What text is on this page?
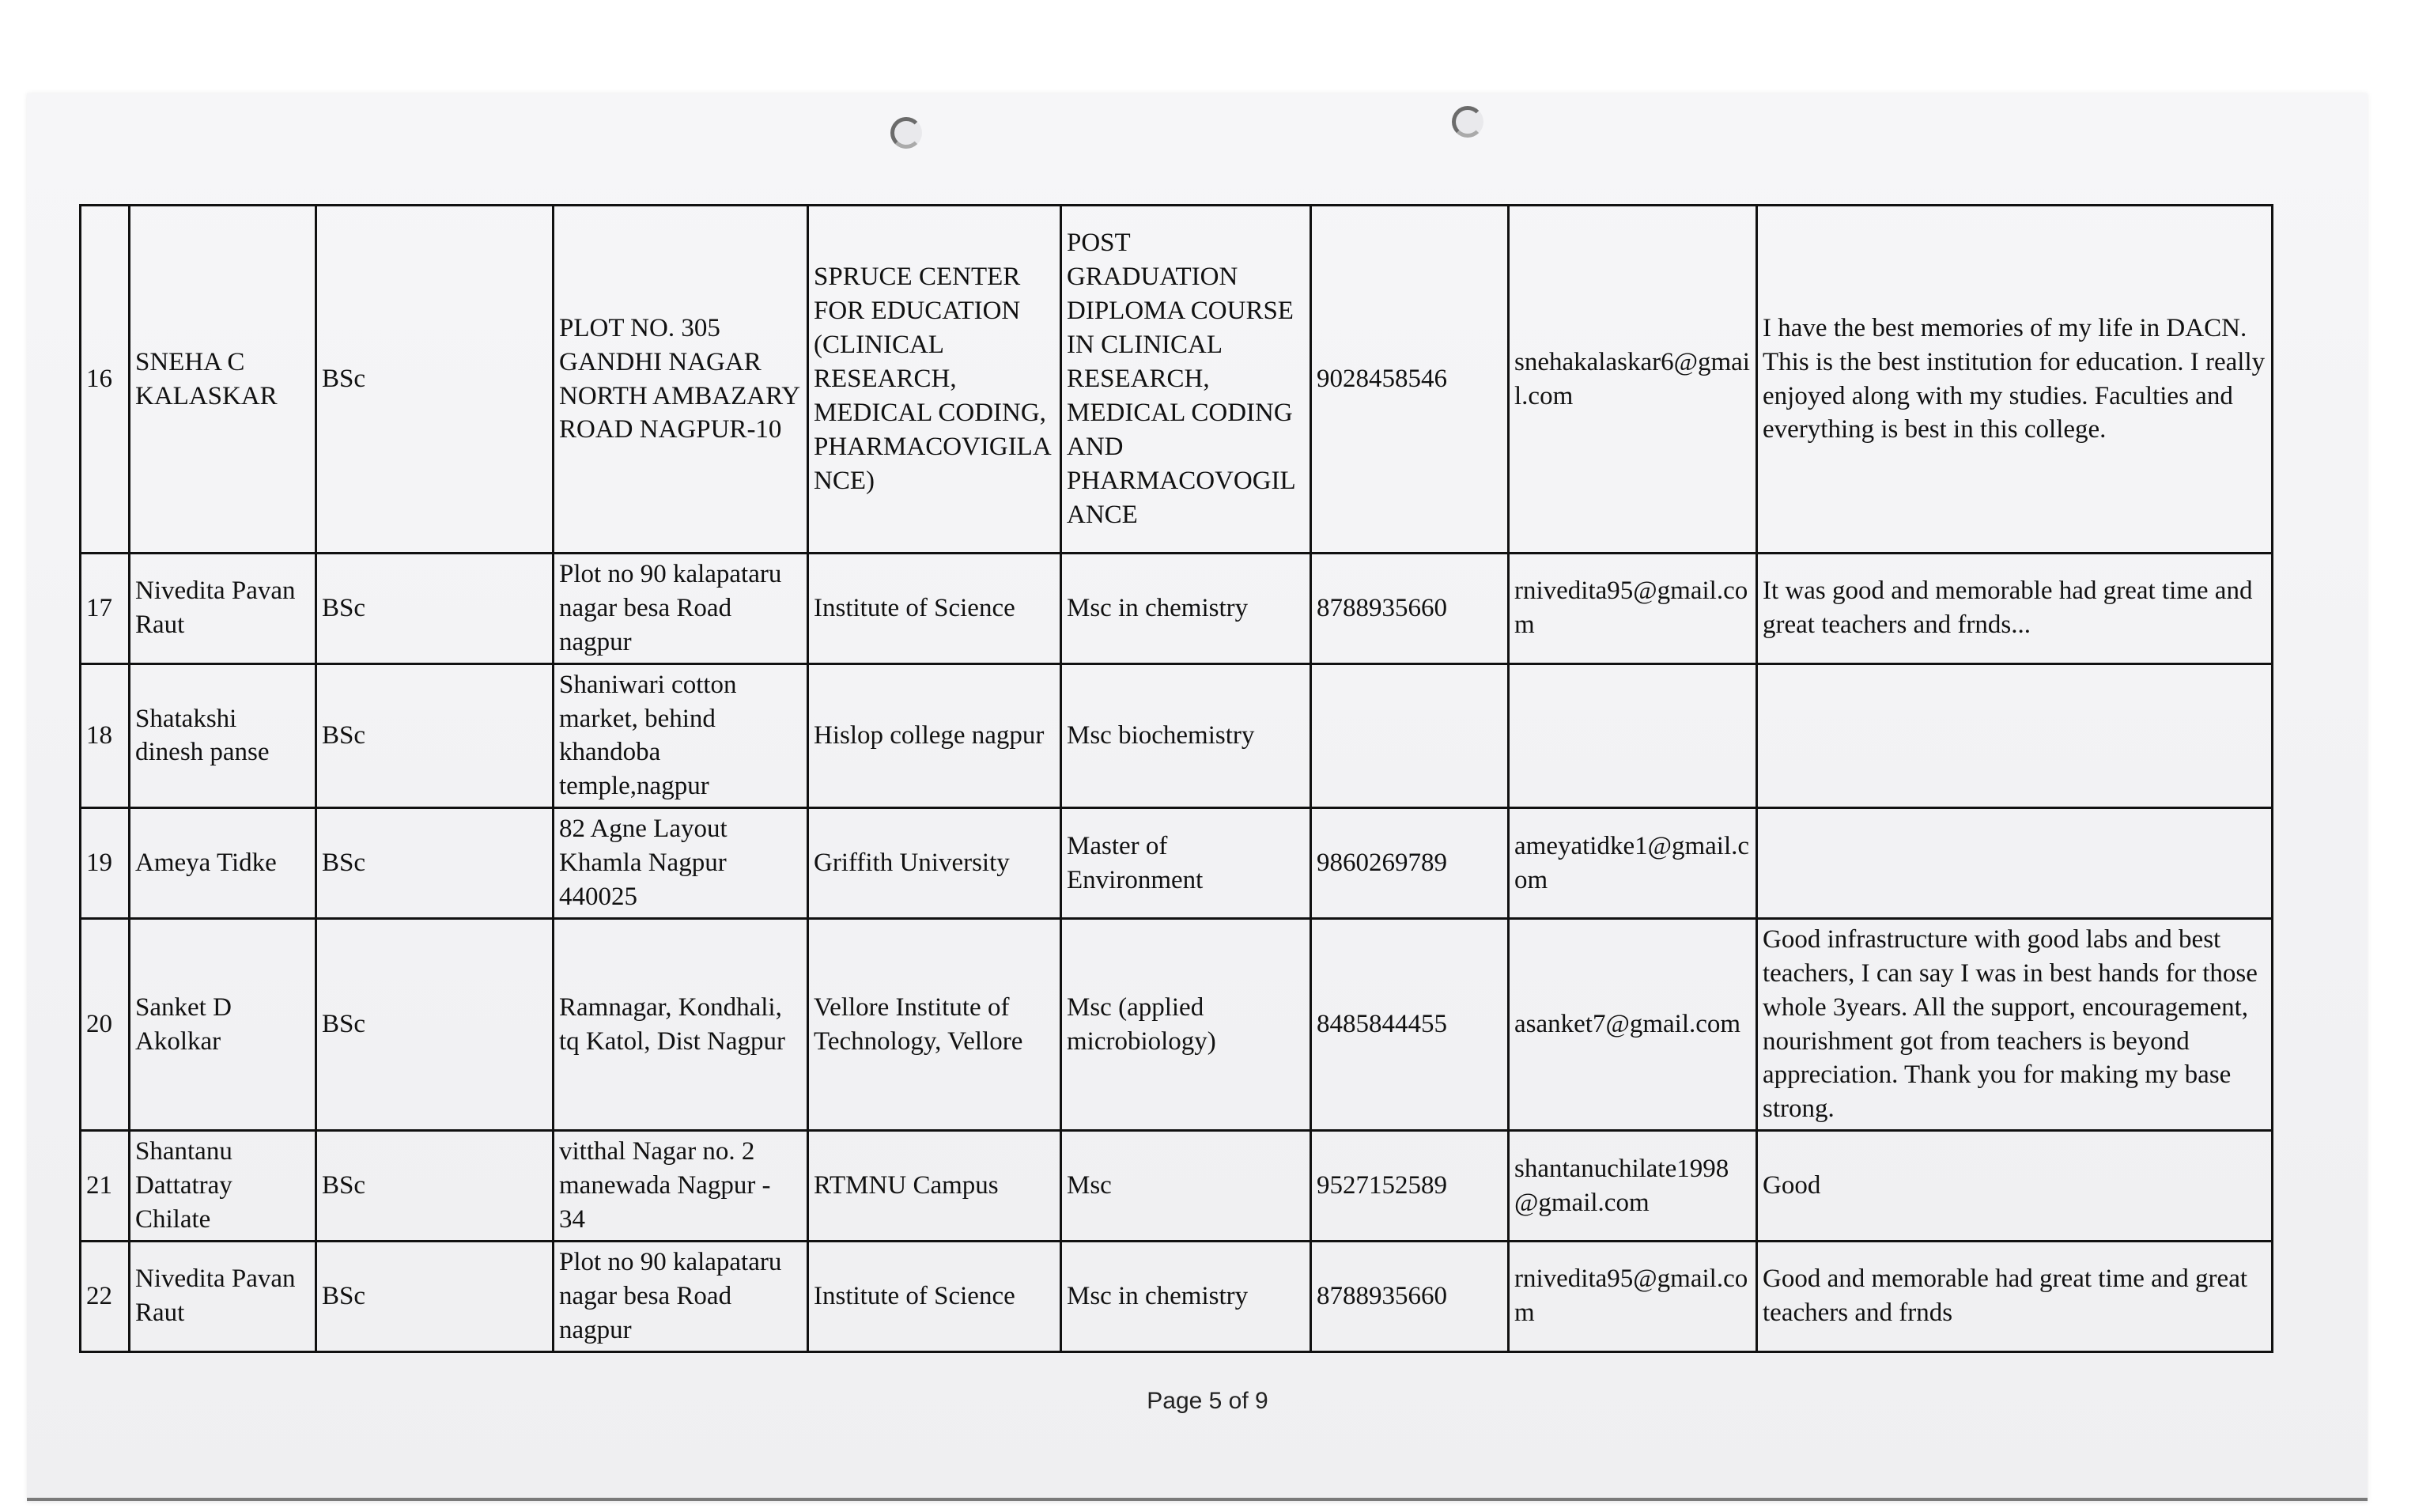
16	SNEHA C KALASKAR	BSc	PLOT NO. 305 GANDHI NAGAR NORTH AMBAZARY ROAD NAGPUR-10	SPRUCE CENTER FOR EDUCATION (CLINICAL RESEARCH, MEDICAL CODING, PHARMACOVIGILANCE)	POST GRADUATION DIPLOMA COURSE IN CLINICAL RESEARCH, MEDICAL CODING AND PHARMACOVOGILANCE	9028458546	snehakalaskar6@gmail.com	I have the best memories of my life in DACN. This is the best institution for education. I really enjoyed along with my studies. Faculties and everything is best in this college.
17	Nivedita Pavan Raut	BSc	Plot no 90 kalapataru nagar besa Road nagpur	Institute of Science	Msc in chemistry	8788935660	rnivedita95@gmail.com	It was good and memorable had great time and great teachers and frnds...
18	Shatakshi dinesh panse	BSc	Shaniwari cotton market, behind khandoba temple,nagpur	Hislop college nagpur	Msc biochemistry			
19	Ameya Tidke	BSc	82 Agne Layout Khamla Nagpur 440025	Griffith University	Master of Environment	9860269789	ameyatidke1@gmail.com	
20	Sanket D Akolkar	BSc	Ramnagar, Kondhali, tq Katol, Dist Nagpur	Vellore Institute of Technology, Vellore	Msc (applied microbiology)	8485844455	asanket7@gmail.com	Good infrastructure with good labs and best teachers, I can say I was in best hands for those whole 3years. All the support, encouragement, nourishment got from teachers is beyond appreciation. Thank you for making my base strong.
21	Shantanu Dattatray Chilate	BSc	vitthal Nagar no. 2 manewada Nagpur - 34	RTMNU Campus	Msc	9527152589	shantanuchilate1998@gmail.com	Good
22	Nivedita Pavan Raut	BSc	Plot no 90 kalapataru nagar besa Road nagpur	Institute of Science	Msc in chemistry	8788935660	rnivedita95@gmail.com	Good and memorable had great time and great teachers and frnds
Page 5 of 9
